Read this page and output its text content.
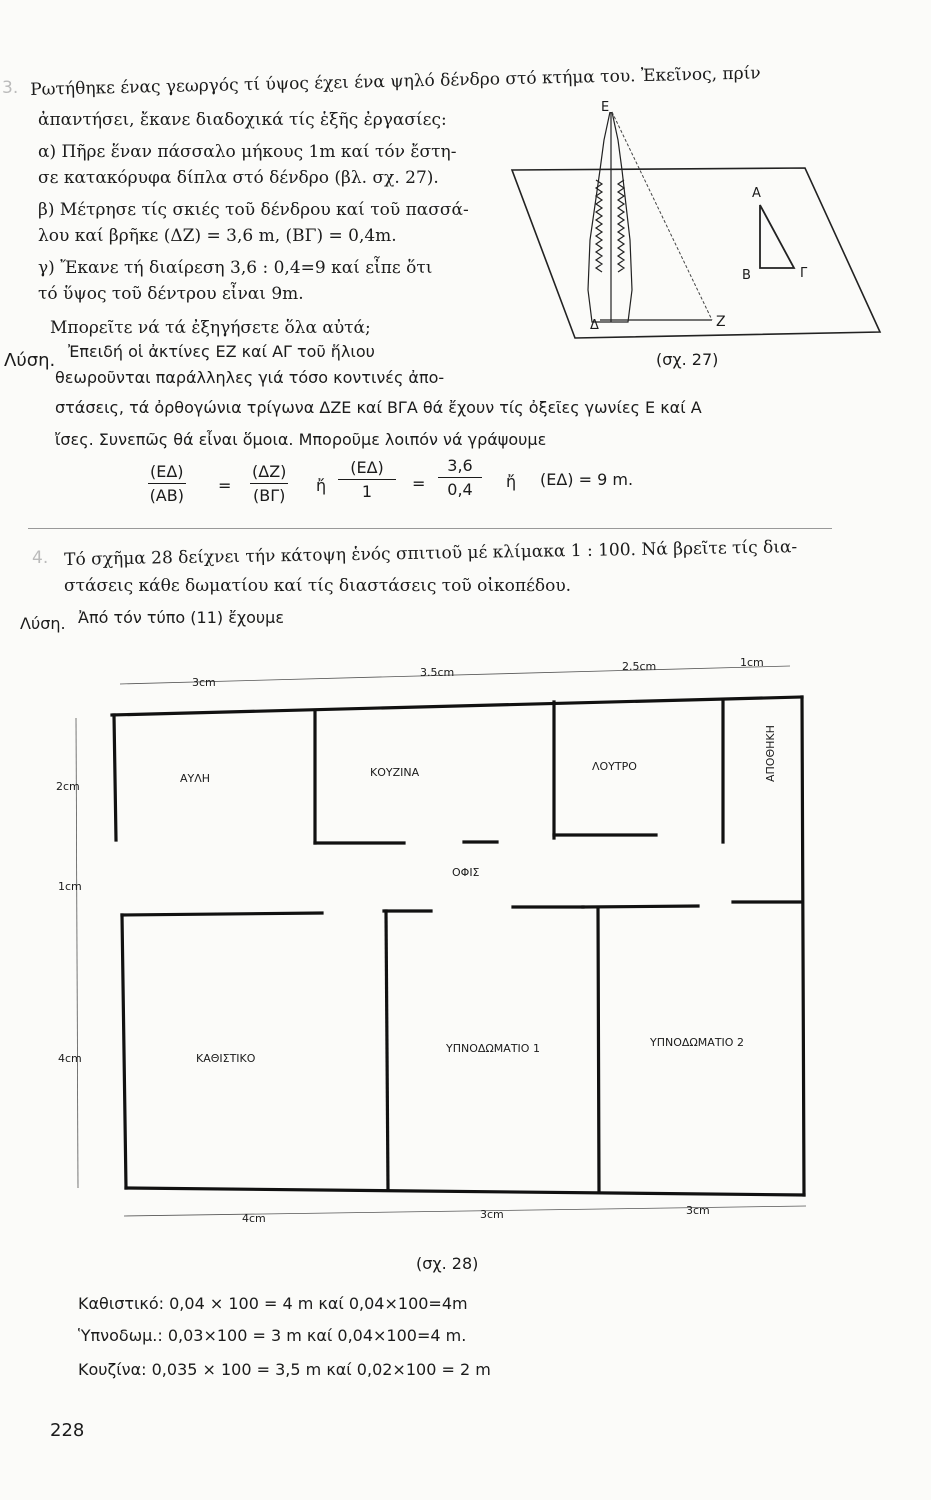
3. Ρωτήθηκε ένας γεωργός τί ύψος έχει ένα ψηλό δένδρο στό κτήμα του. Ἐκεῖνος, πρίν
ἀπαντήσει, ἔκανε διαδοχικά τίς ἑξῆς ἐργασίες:
α) Πῆρε ἕναν πάσσαλο μήκους 1m καί τόν ἔστη-
σε κατακόρυφα δίπλα στό δένδρο (βλ. σχ. 27).
β) Μέτρησε τίς σκιές τοῦ δένδρου καί τοῦ πασσά-
λου καί βρῆκε (ΔΖ) = 3,6 m, (ΒΓ) = 0,4m.
γ) Ἔκανε τή διαίρεση 3,6 : 0,4=9 καί εἶπε ὅτι
τό ὕψος τοῦ δέντρου εἶναι 9m.
Μπορεῖτε νά τά ἐξηγήσετε ὅλα αὐτά;
Λύση. Ἐπειδή οἱ ἀκτίνες ΕΖ καί ΑΓ τοῦ ἥλιου
θεωροῦνται παράλληλες γιά τόσο κοντινές ἀπο-
στάσεις, τά ὀρθογώνια τρίγωνα ΔΖΕ καί ΒΓΑ θά ἔχουν τίς ὀξεῖες γωνίες Ε καί Α
ἴσες. Συνεπῶς θά εἶναι ὅμοια. Μποροῦμε λοιπόν νά γράψουμε
$\frac{(E\Delta)}{(AB)} = \frac{(\Delta Z)}{(B\Gamma)}$ ἤ $\frac{(E\Delta)}{1} = \frac{3,6}{0,4}$ ἤ (ΕΔ) = 9 m.
Ε
Α
Β	Γ
Δ	Ζ
(σχ. 27)
4. Τό σχῆμα 28 δείχνει τήν κάτοψη ἑνός σπιτιοῦ μέ κλίμακα 1 : 100. Νά βρεῖτε τίς δια-
στάσεις κάθε δωματίου καί τίς διαστάσεις τοῦ οἰκοπέδου.
Λύση. Ἀπό τόν τύπο (11) ἔχουμε
3cm
3.5cm	2.5cm	1cm
4cm	3cm	3cm
2cm
1cm
4cm
ΑΥΛΗ	ΚΟΥΖΙΝΑ	ΛΟΥΤΡΟ	ΑΠΟΘΗΚΗ
ΟΦΙΣ
ΚΑΘΙΣΤΙΚΟ
ΥΠΝΟΔΩΜΑΤΙΟ 1	ΥΠΝΟΔΩΜΑΤΙΟ 2
(σχ. 28)
Καθιστικό: 0,04 × 100 = 4 m καί 0,04×100=4m
Ὑπνοδωμ.: 0,03×100 = 3 m καί 0,04×100=4 m.
Κουζίνα: 0,035 × 100 = 3,5 m καί 0,02×100 = 2 m
228
